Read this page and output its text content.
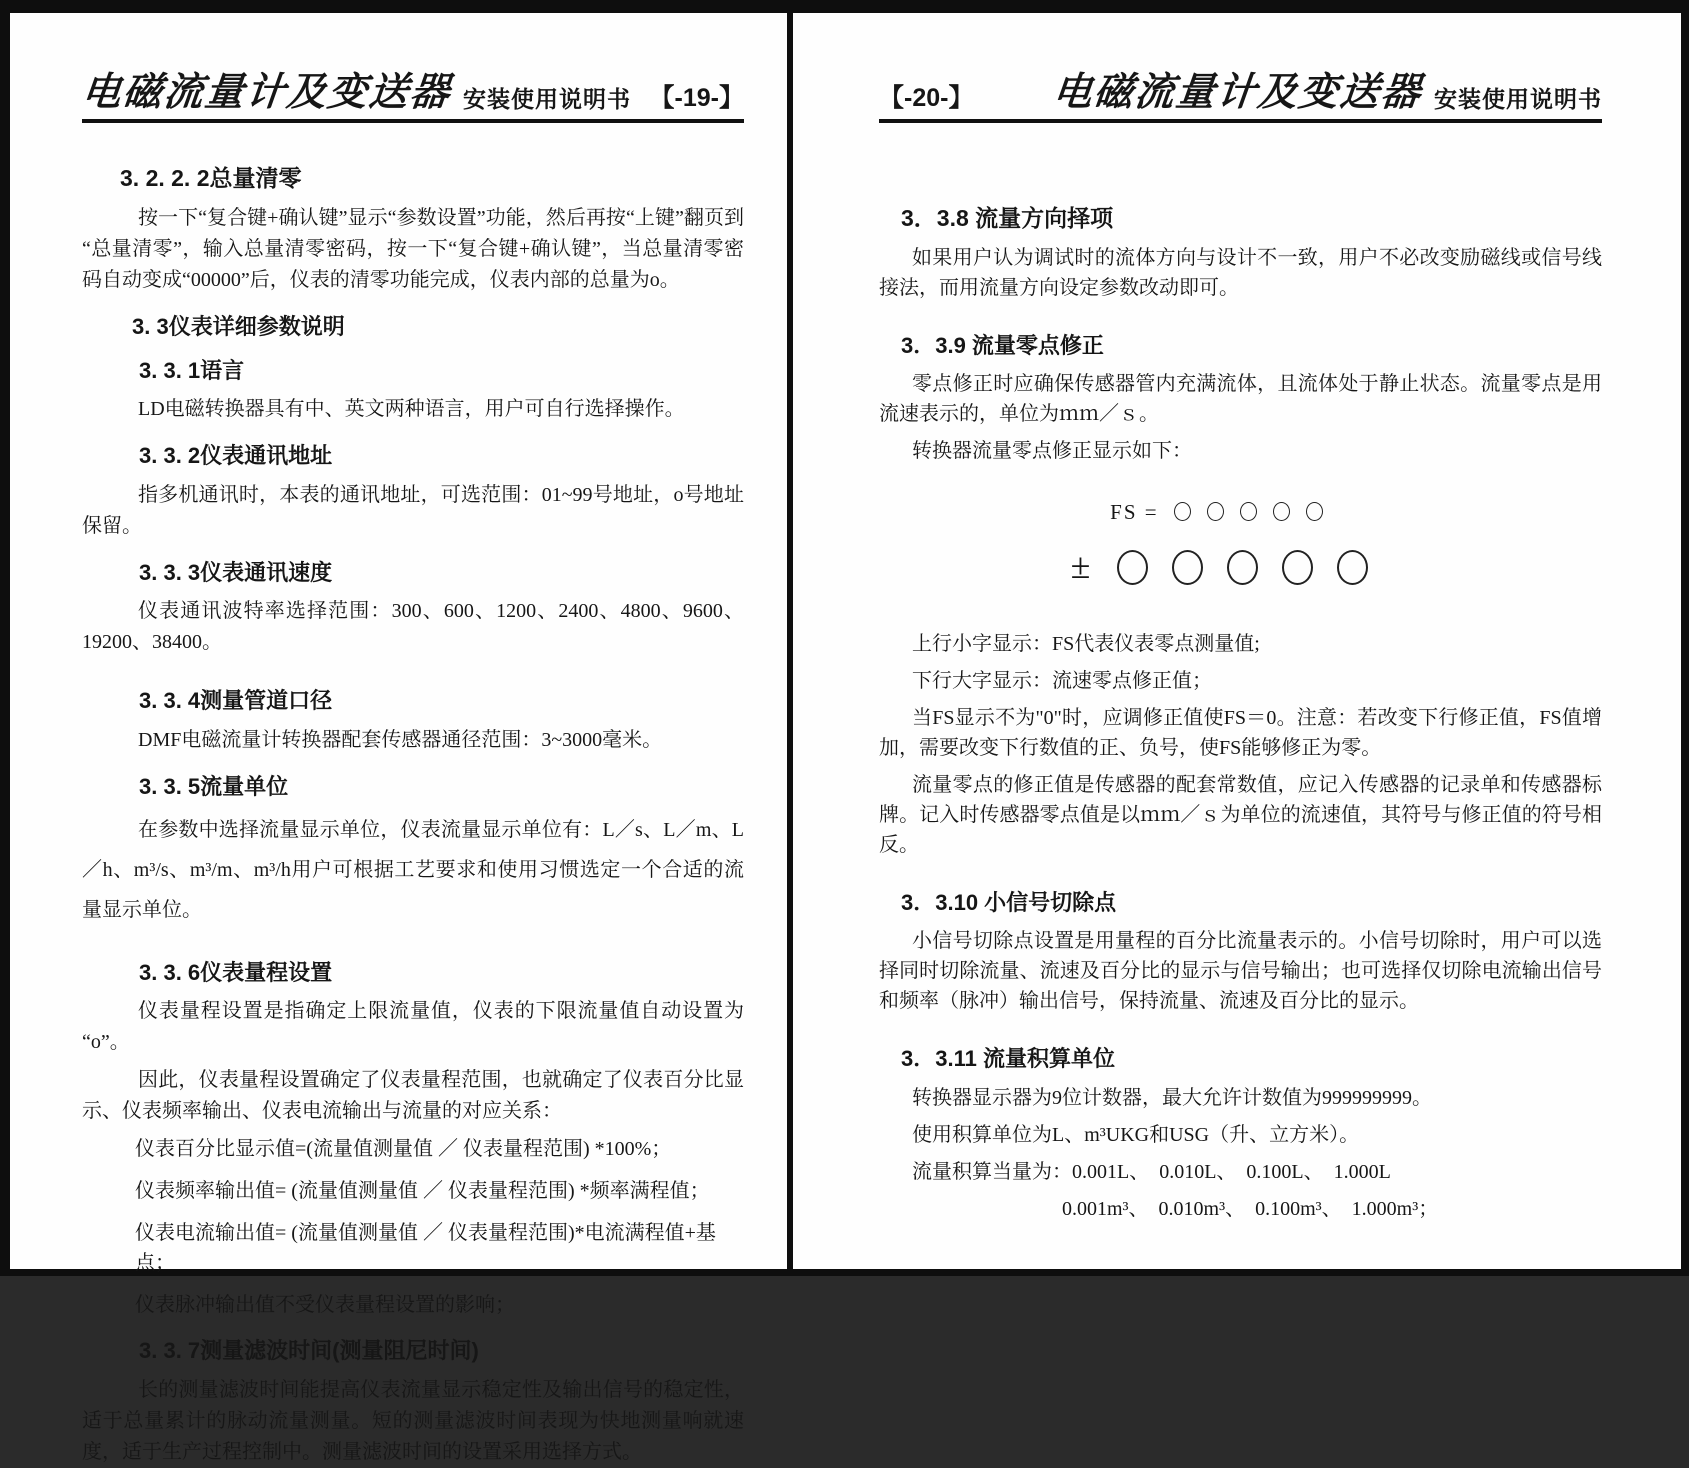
电磁流量计及变送器 安装使用说明书 【-19-】
3. 2. 2. 2总量清零
按一下“复合键+确认键”显示“参数设置”功能，然后再按“上键”翻页到“总量清零”，输入总量清零密码，按一下“复合键+确认键”，当总量清零密码自动变成“00000”后，仪表的清零功能完成，仪表内部的总量为o。
3. 3仪表详细参数说明
3. 3. 1语言
LD电磁转换器具有中、英文两种语言，用户可自行选择操作。
3. 3. 2仪表通讯地址
指多机通讯时，本表的通讯地址，可选范围：01~99号地址，o号地址保留。
3. 3. 3仪表通讯速度
仪表通讯波特率选择范围：300、600、1200、2400、4800、9600、19200、38400。
3. 3. 4测量管道口径
DMF电磁流量计转换器配套传感器通径范围：3~3000毫米。
3. 3. 5流量单位
在参数中选择流量显示单位，仪表流量显示单位有：L／s、L／m、L／h、m³/s、m³/m、m³/h用户可根据工艺要求和使用习惯选定一个合适的流量显示单位。
3. 3. 6仪表量程设置
仪表量程设置是指确定上限流量值，仪表的下限流量值自动设置为“o”。
因此，仪表量程设置确定了仪表量程范围，也就确定了仪表百分比显示、仪表频率输出、仪表电流输出与流量的对应关系：
仪表百分比显示值=(流量值测量值 ／ 仪表量程范围) *100%；
仪表频率输出值= (流量值测量值 ／ 仪表量程范围) *频率满程值；
仪表电流输出值= (流量值测量值 ／ 仪表量程范围)*电流满程值+基点；
仪表脉冲输出值不受仪表量程设置的影响；
3. 3. 7测量滤波时间(测量阻尼时间)
长的测量滤波时间能提高仪表流量显示稳定性及输出信号的稳定性，适于总量累计的脉动流量测量。短的测量滤波时间表现为快地测量响就速度，适于生产过程控制中。测量滤波时间的设置采用选择方式。
【-20-】 电磁流量计及变送器 安装使用说明书
3．3.8 流量方向择项
如果用户认为调试时的流体方向与设计不一致，用户不必改变励磁线或信号线接法，而用流量方向设定参数改动即可。
3．3.9 流量零点修正
零点修正时应确保传感器管内充满流体，且流体处于静止状态。流量零点是用流速表示的，单位为ｍｍ／ｓ。
转换器流量零点修正显示如下：
FS =
±
上行小字显示：FS代表仪表零点测量值;
下行大字显示：流速零点修正值；
当FS显示不为"0"时，应调修正值使FS＝0。注意：若改变下行修正值，FS值增加，需要改变下行数值的正、负号，使FS能够修正为零。
流量零点的修正值是传感器的配套常数值，应记入传感器的记录单和传感器标牌。记入时传感器零点值是以ｍｍ／ｓ为单位的流速值，其符号与修正值的符号相反。
3．3.10 小信号切除点
小信号切除点设置是用量程的百分比流量表示的。小信号切除时，用户可以选择同时切除流量、流速及百分比的显示与信号输出；也可选择仅切除电流输出信号和频率（脉冲）输出信号，保持流量、流速及百分比的显示。
3．3.11 流量积算单位
转换器显示器为9位计数器，最大允许计数值为999999999。
使用积算单位为L、m³UKG和USG（升、立方米）。
流量积算当量为：0.001L、　0.010L、　0.100L、　1.000L
0.001m³、　0.010m³、　0.100m³、　1.000m³；
